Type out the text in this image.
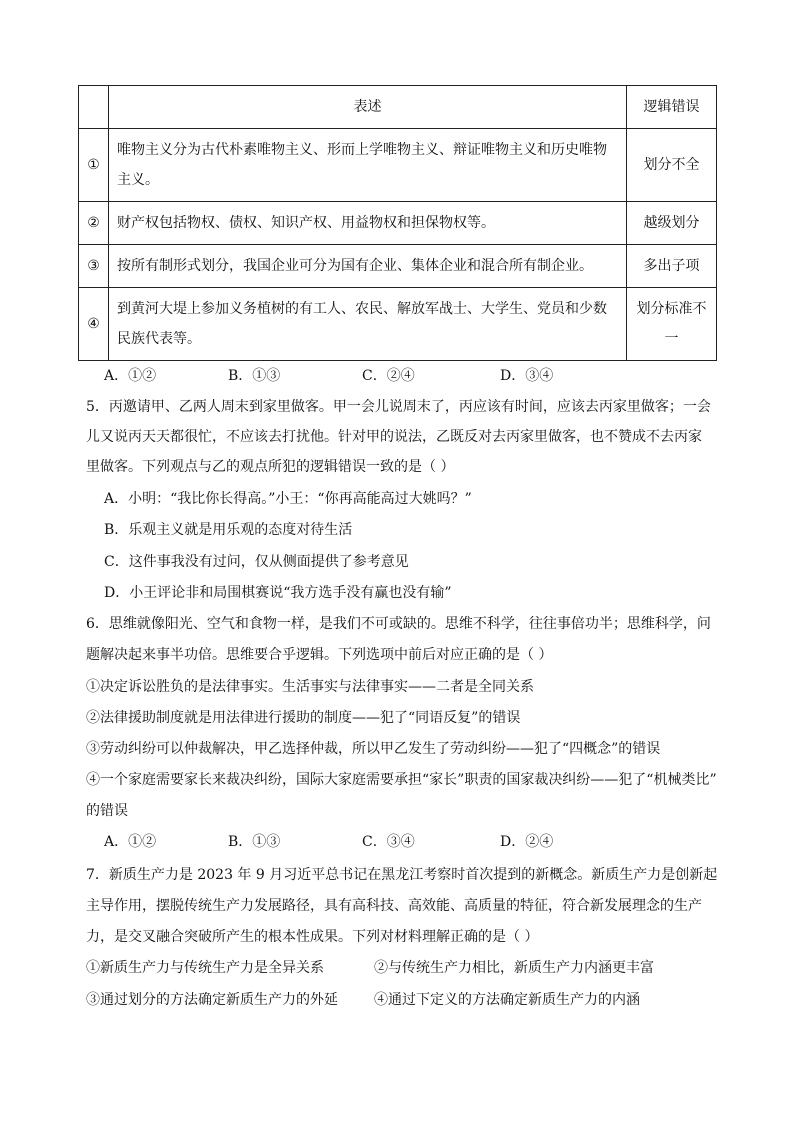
	表述	逻辑错误
①	唯物主义分为古代朴素唯物主义、形而上学唯物主义、辩证唯物主义和历史唯物主义。	划分不全
②	财产权包括物权、债权、知识产权、用益物权和担保物权等。	越级划分
③	按所有制形式划分，我国企业可分为国有企业、集体企业和混合所有制企业。	多出子项
④	到黄河大堤上参加义务植树的有工人、农民、解放军战士、大学生、党员和少数民族代表等。	划分标准不一
A．①②	B．①③	C．②④	D．③④
5．丙邀请甲、乙两人周末到家里做客。甲一会儿说周末了，丙应该有时间，应该去丙家里做客；一会
儿又说丙天天都很忙，不应该去打扰他。针对甲的说法，乙既反对去丙家里做客，也不赞成不去丙家
里做客。下列观点与乙的观点所犯的逻辑错误一致的是（ ）
A．小明：“我比你长得高。”小王：“你再高能高过大姚吗？”
B．乐观主义就是用乐观的态度对待生活
C．这件事我没有过问，仅从侧面提供了参考意见
D．小王评论非和局围棋赛说“我方选手没有赢也没有输”
6．思维就像阳光、空气和食物一样，是我们不可或缺的。思维不科学，往往事倍功半；思维科学，问
题解决起来事半功倍。思维要合乎逻辑。下列选项中前后对应正确的是（ ）
①决定诉讼胜负的是法律事实。生活事实与法律事实——二者是全同关系
②法律援助制度就是用法律进行援助的制度——犯了“同语反复”的错误
③劳动纠纷可以仲裁解决，甲乙选择仲裁，所以甲乙发生了劳动纠纷——犯了“四概念”的错误
④一个家庭需要家长来裁决纠纷，国际大家庭需要承担“家长”职责的国家裁决纠纷——犯了“机械类比”
的错误
A．①②	B．①③	C．③④	D．②④
7．新质生产力是 2023 年 9 月习近平总书记在黑龙江考察时首次提到的新概念。新质生产力是创新起
主导作用，摆脱传统生产力发展路径，具有高科技、高效能、高质量的特征，符合新发展理念的生产
力，是交叉融合突破所产生的根本性成果。下列对材料理解正确的是（ ）
①新质生产力与传统生产力是全异关系	②与传统生产力相比，新质生产力内涵更丰富
③通过划分的方法确定新质生产力的外延	④通过下定义的方法确定新质生产力的内涵
